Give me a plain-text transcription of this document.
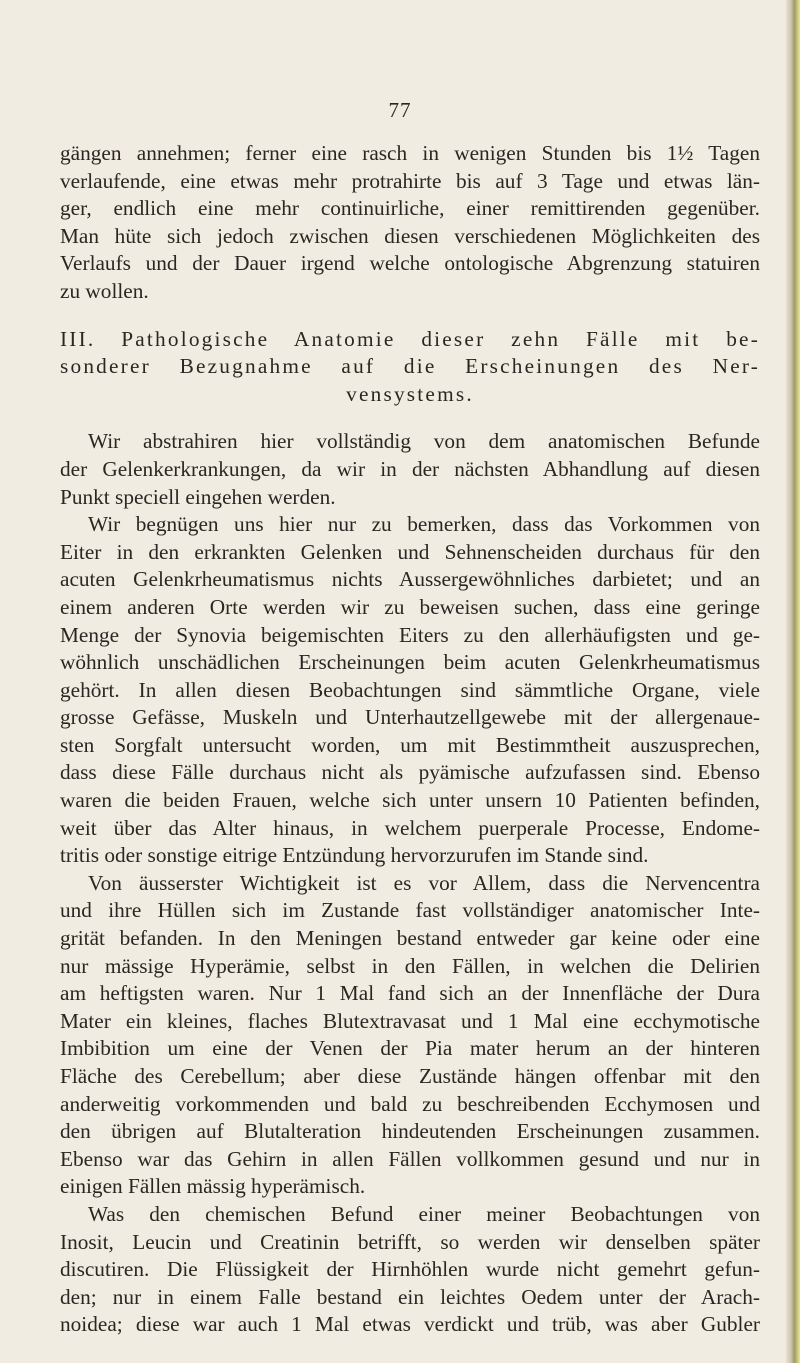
77
gängen annehmen; ferner eine rasch in wenigen Stunden bis 1½ Tagen
verlaufende, eine etwas mehr protrahirte bis auf 3 Tage und etwas län-
ger, endlich eine mehr continuirliche, einer remittirenden gegenüber.
Man hüte sich jedoch zwischen diesen verschiedenen Möglichkeiten des
Verlaufs und der Dauer irgend welche ontologische Abgrenzung statuiren
zu wollen.
III. Pathologische Anatomie dieser zehn Fälle mit be-
sonderer Bezugnahme auf die Erscheinungen des Ner-
vensystems.
Wir abstrahiren hier vollständig von dem anatomischen Befunde
der Gelenkerkrankungen, da wir in der nächsten Abhandlung auf diesen
Punkt speciell eingehen werden.
Wir begnügen uns hier nur zu bemerken, dass das Vorkommen von
Eiter in den erkrankten Gelenken und Sehnenscheiden durchaus für den
acuten Gelenkrheumatismus nichts Aussergewöhnliches darbietet; und an
einem anderen Orte werden wir zu beweisen suchen, dass eine geringe
Menge der Synovia beigemischten Eiters zu den allerhäufigsten und ge-
wöhnlich unschädlichen Erscheinungen beim acuten Gelenkrheumatismus
gehört. In allen diesen Beobachtungen sind sämmtliche Organe, viele
grosse Gefässe, Muskeln und Unterhautzellgewebe mit der allergenaue-
sten Sorgfalt untersucht worden, um mit Bestimmtheit auszusprechen,
dass diese Fälle durchaus nicht als pyämische aufzufassen sind. Ebenso
waren die beiden Frauen, welche sich unter unsern 10 Patienten befinden,
weit über das Alter hinaus, in welchem puerperale Processe, Endome-
tritis oder sonstige eitrige Entzündung hervorzurufen im Stande sind.
Von äusserster Wichtigkeit ist es vor Allem, dass die Nervencentra
und ihre Hüllen sich im Zustande fast vollständiger anatomischer Inte-
grität befanden. In den Meningen bestand entweder gar keine oder eine
nur mässige Hyperämie, selbst in den Fällen, in welchen die Delirien
am heftigsten waren. Nur 1 Mal fand sich an der Innenfläche der Dura
Mater ein kleines, flaches Blutextravasat und 1 Mal eine ecchymotische
Imbibition um eine der Venen der Pia mater herum an der hinteren
Fläche des Cerebellum; aber diese Zustände hängen offenbar mit den
anderweitig vorkommenden und bald zu beschreibenden Ecchymosen und
den übrigen auf Blutalteration hindeutenden Erscheinungen zusammen.
Ebenso war das Gehirn in allen Fällen vollkommen gesund und nur in
einigen Fällen mässig hyperämisch.
Was den chemischen Befund einer meiner Beobachtungen von
Inosit, Leucin und Creatinin betrifft, so werden wir denselben später
discutiren. Die Flüssigkeit der Hirnhöhlen wurde nicht gemehrt gefun-
den; nur in einem Falle bestand ein leichtes Oedem unter der Arach-
noidea; diese war auch 1 Mal etwas verdickt und trüb, was aber Gubler
